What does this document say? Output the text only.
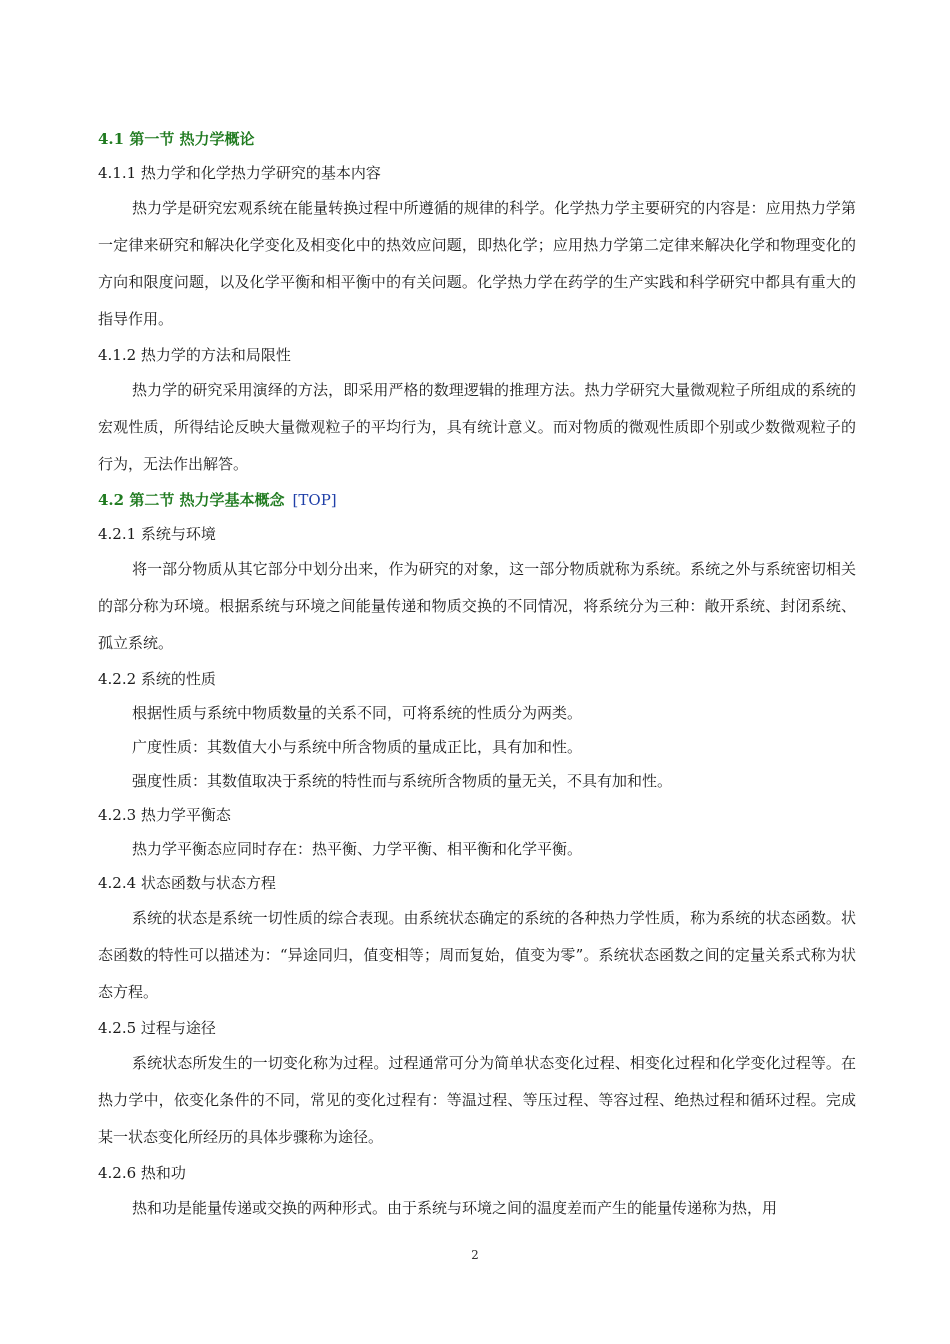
4.1 第一节 热力学概论
4.1.1 热力学和化学热力学研究的基本内容

热力学是研究宏观系统在能量转换过程中所遵循的规律的科学。化学热力学主要研究的内容是：应用热力学第一定律来研究和解决化学变化及相变化中的热效应问题，即热化学；应用热力学第二定律来解决化学和物理变化的方向和限度问题，以及化学平衡和相平衡中的有关问题。化学热力学在药学的生产实践和科学研究中都具有重大的指导作用。

4.1.2 热力学的方法和局限性

热力学的研究采用演绎的方法，即采用严格的数理逻辑的推理方法。热力学研究大量微观粒子所组成的系统的宏观性质，所得结论反映大量微观粒子的平均行为，具有统计意义。而对物质的微观性质即个别或少数微观粒子的行为，无法作出解答。

4.2 第二节 热力学基本概念 [TOP]
4.2.1 系统与环境

将一部分物质从其它部分中划分出来，作为研究的对象，这一部分物质就称为系统。系统之外与系统密切相关的部分称为环境。根据系统与环境之间能量传递和物质交换的不同情况，将系统分为三种：敞开系统、封闭系统、孤立系统。

4.2.2 系统的性质
根据性质与系统中物质数量的关系不同，可将系统的性质分为两类。
广度性质：其数值大小与系统中所含物质的量成正比，具有加和性。
强度性质：其数值取决于系统的特性而与系统所含物质的量无关，不具有加和性。
4.2.3 热力学平衡态
热力学平衡态应同时存在：热平衡、力学平衡、相平衡和化学平衡。
4.2.4 状态函数与状态方程

系统的状态是系统一切性质的综合表现。由系统状态确定的系统的各种热力学性质，称为系统的状态函数。状态函数的特性可以描述为：“异途同归，值变相等；周而复始，值变为零”。系统状态函数之间的定量关系式称为状态方程。

4.2.5 过程与途径

系统状态所发生的一切变化称为过程。过程通常可分为简单状态变化过程、相变化过程和化学变化过程等。在热力学中，依变化条件的不同，常见的变化过程有：等温过程、等压过程、等容过程、绝热过程和循环过程。完成某一状态变化所经历的具体步骤称为途径。

4.2.6 热和功

热和功是能量传递或交换的两种形式。由于系统与环境之间的温度差而产生的能量传递称为热，用

2
